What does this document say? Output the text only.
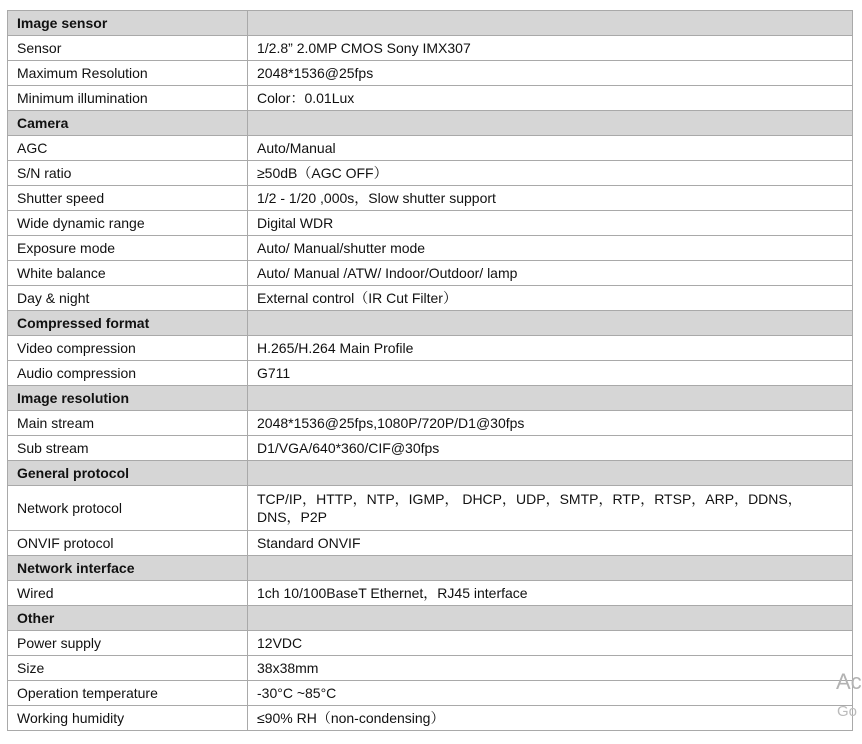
Image sensor	
Sensor	1/2.8” 2.0MP CMOS Sony IMX307
Maximum Resolution	2048*1536@25fps
Minimum illumination	Color：0.01Lux
Camera	
AGC	Auto/Manual
S/N ratio	≥50dB（AGC OFF）
Shutter speed	1/2 - 1/20 ,000s，Slow shutter support
Wide dynamic range	Digital WDR
Exposure mode	Auto/ Manual/shutter mode
White balance	Auto/ Manual /ATW/ Indoor/Outdoor/ lamp
Day & night	External control（IR Cut Filter）
Compressed format	
Video compression	H.265/H.264 Main Profile
Audio compression	G711
Image resolution	
Main stream	2048*1536@25fps,1080P/720P/D1@30fps
Sub stream	D1/VGA/640*360/CIF@30fps
General protocol	
Network protocol	TCP/IP，HTTP，NTP，IGMP， DHCP，UDP，SMTP，RTP，RTSP，ARP，DDNS，DNS，P2P
ONVIF protocol	Standard ONVIF
Network interface	
Wired	1ch 10/100BaseT Ethernet，RJ45 interface
Other	
Power supply	12VDC
Size	38x38mm
Operation temperature	-30°C ~85°C
Working humidity	≤90% RH（non-condensing）
Ac
Go
